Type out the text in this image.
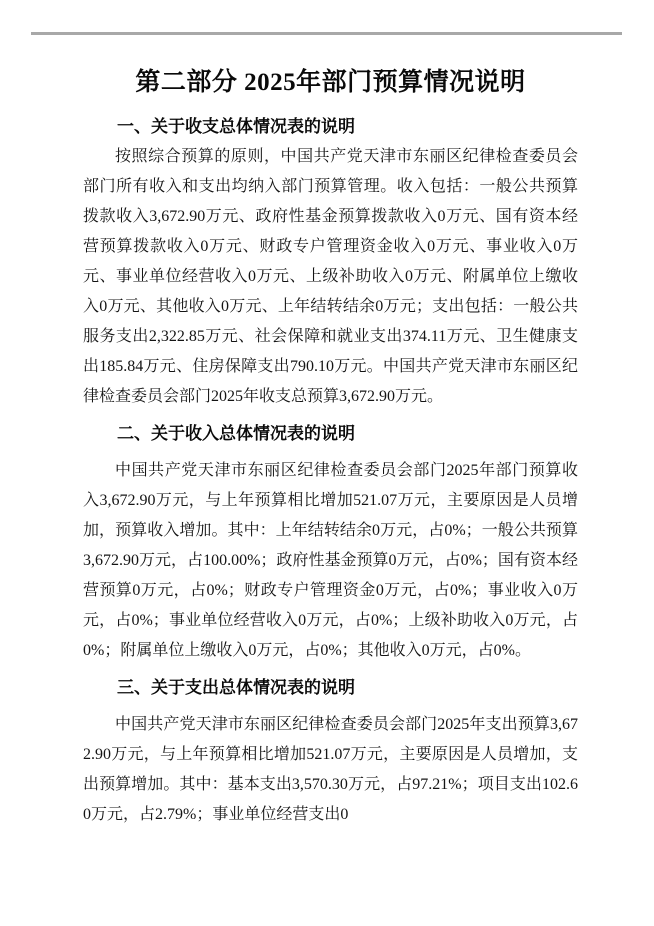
第二部分 2025年部门预算情况说明
一、关于收支总体情况表的说明

按照综合预算的原则，中国共产党天津市东丽区纪律检查委员会部门所有收入和支出均纳入部门预算管理。收入包括：一般公共预算拨款收入3,672.90万元、政府性基金预算拨款收入0万元、国有资本经营预算拨款收入0万元、财政专户管理资金收入0万元、事业收入0万元、事业单位经营收入0万元、上级补助收入0万元、附属单位上缴收入0万元、其他收入0万元、上年结转结余0万元；支出包括：一般公共服务支出2,322.85万元、社会保障和就业支出374.11万元、卫生健康支出185.84万元、住房保障支出790.10万元。中国共产党天津市东丽区纪律检查委员会部门2025年收支总预算3,672.90万元。

二、关于收入总体情况表的说明

中国共产党天津市东丽区纪律检查委员会部门2025年部门预算收入3,672.90万元，与上年预算相比增加521.07万元，主要原因是人员增加，预算收入增加。其中：上年结转结余0万元，占0%；一般公共预算3,672.90万元，占100.00%；政府性基金预算0万元，占0%；国有资本经营预算0万元，占0%；财政专户管理资金0万元，占0%；事业收入0万元，占0%；事业单位经营收入0万元，占0%；上级补助收入0万元，占0%；附属单位上缴收入0万元，占0%；其他收入0万元，占0%。

三、关于支出总体情况表的说明

中国共产党天津市东丽区纪律检查委员会部门2025年支出预算3,672.90万元，与上年预算相比增加521.07万元，主要原因是人员增加，支出预算增加。其中：基本支出3,570.30万元，占97.21%；项目支出102.60万元，占2.79%；事业单位经营支出0
